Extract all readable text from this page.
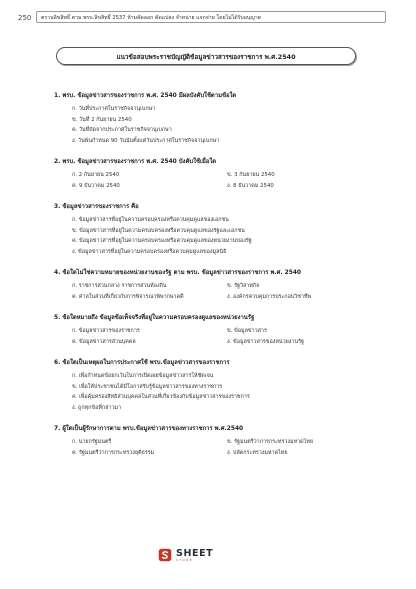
250	ตรวนลิขสิทธิ์ ตาม พรบ.ลิขสิทธิ์ 2537 ห้ามคัดลอก คัดแปลง จำหน่าย แจกจ่าย โดยไม่ได้รับอนุญาต
แนวข้อสอบพระราชบัญญัติข้อมูลข่าวสารของราชการ พ.ศ.2540
1. พรบ. ข้อมูลข่าวสารของราชการ พ.ศ. 2540 มีผลบังคับใช้ตามข้อใด
ก. วันที่ประกาศในราชกิจจานุเบกษา
ข. วันที่ 2 กันยายน 2540
ค. วันที่ถัดจากประกาศในราชกิจจานุเบกษา
ง. วันพ้นกำหนด 90 วันนับตั้งแต่วันประกาศในราชกิจจานุเบกษา
2. พรบ. ข้อมูลข่าวสารของราชการ พ.ศ. 2540 บังคับใช้เมื่อใด
ก. 2 กันยายน 2540	ข. 3 กันยายน 2540
ค. 9 ธันวาคม 2540	ง. 8 ธันวาคม 2540
3. ข้อมูลข่าวสารของราชการ คือ
ก. ข้อมูลข่าวสารที่อยู่ในความครอบครองหรือควบคุมดูแลของเอกชน
ข. ข้อมูลข่าวสารที่อยู่ในความครอบครองหรือควบคุมดูแลของรัฐและเอกชน
ค. ข้อมูลข่าวสารที่อยู่ในความครอบครองหรือควบคุมดูแลของหน่วยงานของรัฐ
ง. ข้อมูลข่าวสารที่อยู่ในความครอบครองหรือควบคุมดูแลของมูลนิธิ
4. ข้อใดไม่ใช่ความหมายของหน่วยงานของรัฐ ตาม พรบ. ข้อมูลข่าวสารของราชการ พ.ศ. 2540
ก. ราชการส่วนกลาง ราชการส่วนท้องถิ่น	ข. รัฐวิสาหกิจ
ค. ศาลในส่วนที่เกี่ยวกับการพิจารณาพิพากษาคดี	ง. องค์กรควบคุมการประกอบวิชาชีพ
5. ข้อใดหมายถึง ข้อมูลข้อเท็จจริงที่อยู่ในความครอบครองดูแลของหน่วยงานรัฐ
ก. ข้อมูลข่าวสารของราชการ	ข. ข้อมูลข่าวสาร
ค. ข้อมูลข่าวสารส่วนบุคคล	ง. ข้อมูลข่าวสารของหน่วยงานรัฐ
6. ข้อใดเป็นเหตุผลในการประกาศใช้ พรบ.ข้อมูลข่าวสารของราชการ
ก. เพื่อกำหนดข้อยกเว้นในการเปิดเผยข้อมูลข่าวสารให้ชัดเจน
ข. เพื่อให้ประชาชนได้มีโอกาสรับรู้ข้อมูลข่าวสารของทางราชการ
ค. เพื่อคุ้มครองสิทธิส่วนบุคคลในส่วนที่เกี่ยวข้องกับข้อมูลข่าวสารของราชการ
ง. ถูกทุกข้อที่กล่าวมา
7. ผู้ใดเป็นผู้รักษาการตาม พรบ.ข้อมูลข่าวสารของทางราชการ พ.ศ.2540
ก. นายกรัฐมนตรี	ข. รัฐมนตรีว่าการกระทรวงมหาดไทย
ค. รัฐมนตรีว่าการกระทรวงยุติธรรม	ง. ปลัดกระทรวงมหาดไทย
SHEET
STORE
